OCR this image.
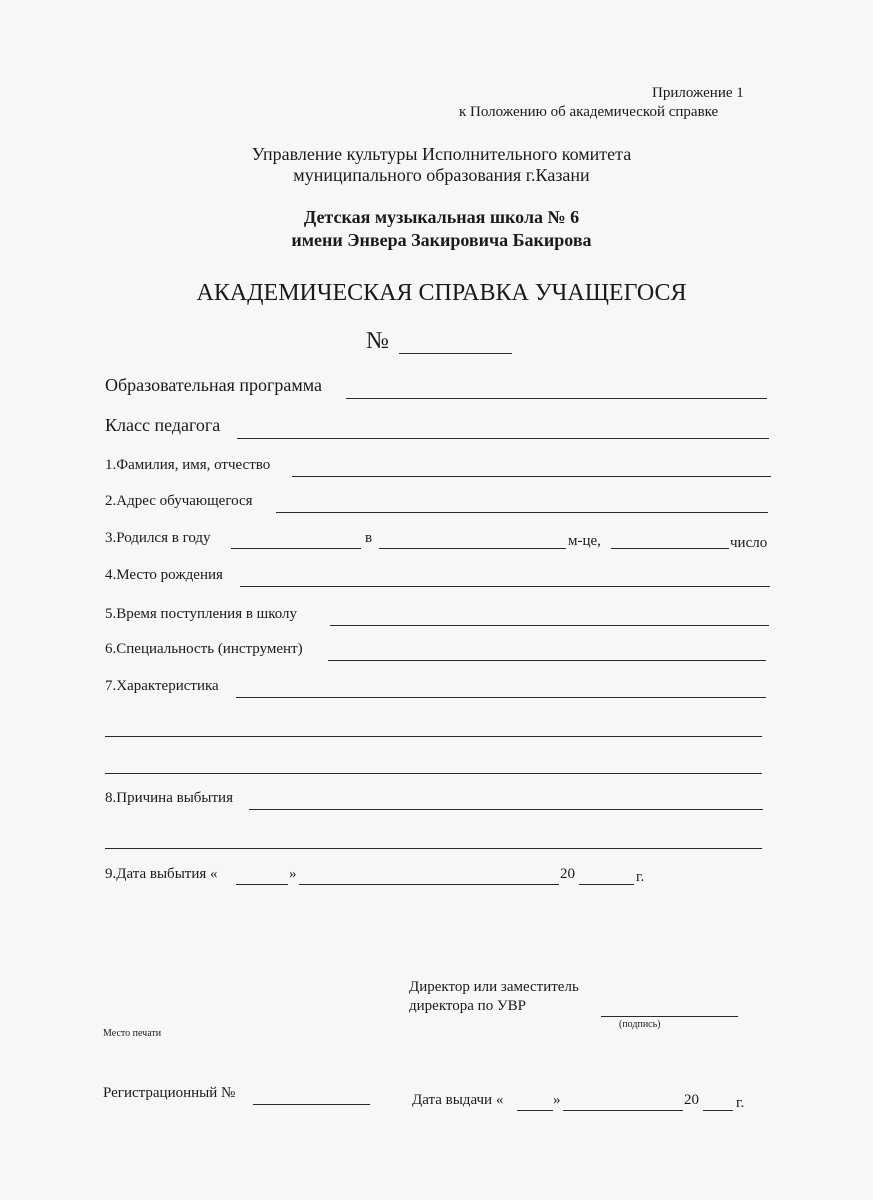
Приложение 1
к Положению об академической справке
Управление культуры Исполнительного комитета
муниципального образования г.Казани
Детская музыкальная школа № 6
имени Энвера Закировича Бакирова
АКАДЕМИЧЕСКАЯ СПРАВКА УЧАЩЕГОСЯ
№
Образовательная программа
Класс педагога
1.Фамилия, имя, отчество
2.Адрес обучающегося
3.Родился в году	в	м-це,	число
4.Место рождения
5.Время поступления в школу
6.Специальность (инструмент)
7.Характеристика
8.Причина выбытия
9.Дата выбытия «	»	20	г.
Директор или заместитель
директора по УВР
(подпись)
Место печати
Регистрационный №	Дата выдачи «	»	20 г.
